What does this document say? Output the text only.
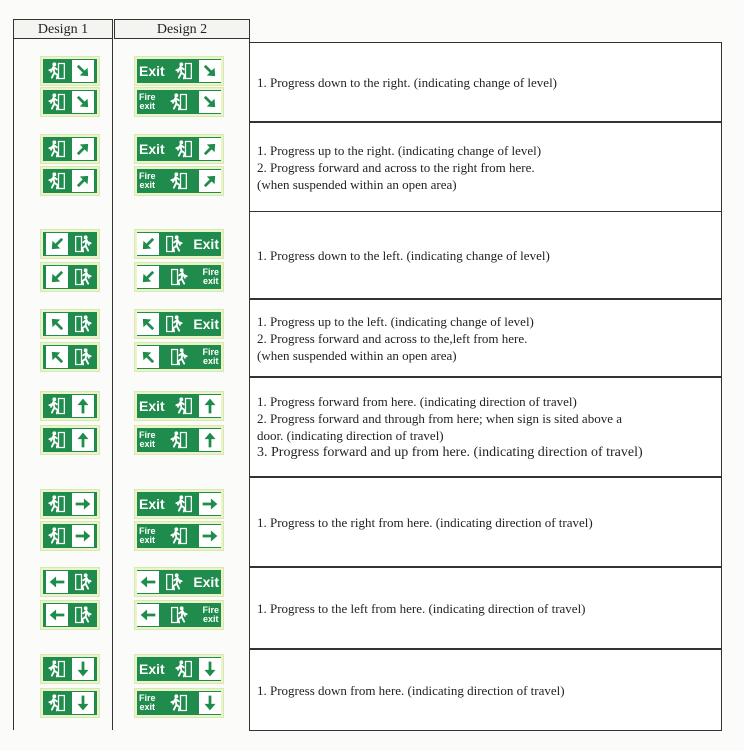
Design 1	Design 2
Exit
Fire
exit
1. Progress down to the right. (indicating change of level)
Exit
Fire
exit
1. Progress up to the right. (indicating change of level)
2. Progress forward and across to the right from here.
(when suspended within an open area)
Exit
Fire
exit
1. Progress down to the left. (indicating change of level)
Exit
Fire
exit
1. Progress up to the left. (indicating change of level)
2. Progress forward and across to the,left from here.
(when suspended within an open area)
Exit
Fire
exit
1. Progress forward from here. (indicating direction of travel)
2. Progress forward and through from here; when sign is sited above a
door. (indicating direction of travel)
3. Progress forward and up from here. (indicating direction of travel)
Exit
Fire
exit
1. Progress to the right from here. (indicating direction of travel)
Exit
Fire
exit
1. Progress to the left from here. (indicating direction of travel)
Exit
Fire
exit
1. Progress down from here. (indicating direction of travel)
